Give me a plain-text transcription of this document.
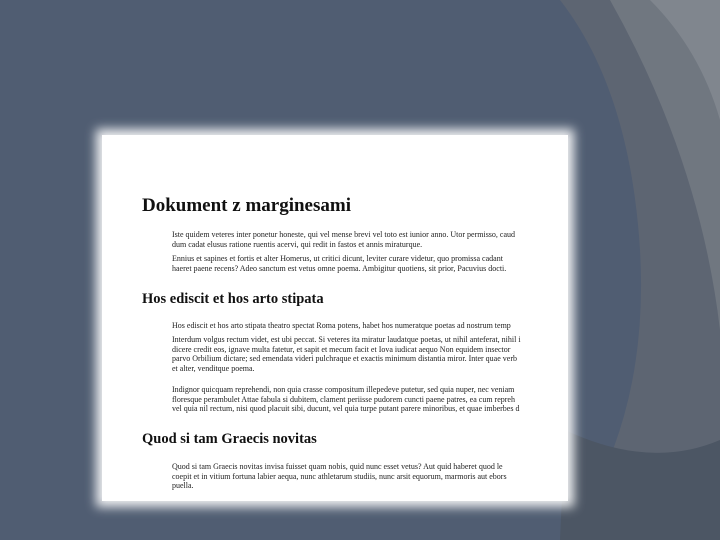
Dokument z marginesami
Iste quidem veteres inter ponetur honeste, qui vel mense brevi vel toto est iunior anno. Utor permisso, caud
dum cadat elusus ratione ruentis acervi, qui redit in fastos et annis miraturque.
Ennius et sapines et fortis et alter Homerus, ut critici dicunt, leviter curare videtur, quo promissa cadant
haeret paene recens? Adeo sanctum est vetus omne poema. Ambigitur quotiens, sit prior, Pacuvius docti.
Hos ediscit et hos arto stipata
Hos ediscit et hos arto stipata theatro spectat Roma potens, habet hos numeratque poetas ad nostrum temp
Interdum volgus rectum videt, est ubi peccat. Si veteres ita miratur laudatque poetas, ut nihil anteferat, nihil i
dicere credit eos, ignave multa fatetur, et sapit et mecum facit et Iova iudicat aequo Non equidem insector
parvo Orbilium dictare; sed emendata videri pulchraque et exactis minimum distantia miror. Inter quae verb
et alter, venditque poema.
Indignor quicquam reprehendi, non quia crasse compositum illepedeve putetur, sed quia nuper, nec veniam
floresque perambulet Attae fabula si dubitem, clament periisse pudorem cuncti paene patres, ea cum repreh
vel quia nil rectum, nisi quod placuit sibi, ducunt, vel quia turpe putant parere minoribus, et quae imberbes d
Quod si tam Graecis novitas
Quod si tam Graecis novitas invisa fuisset quam nobis, quid nunc esset vetus? Aut quid haberet quod le
coepit et in vitium fortuna labier aequa, nunc athletarum studiis, nunc arsit equorum, marmoris aut ebors
puella.
